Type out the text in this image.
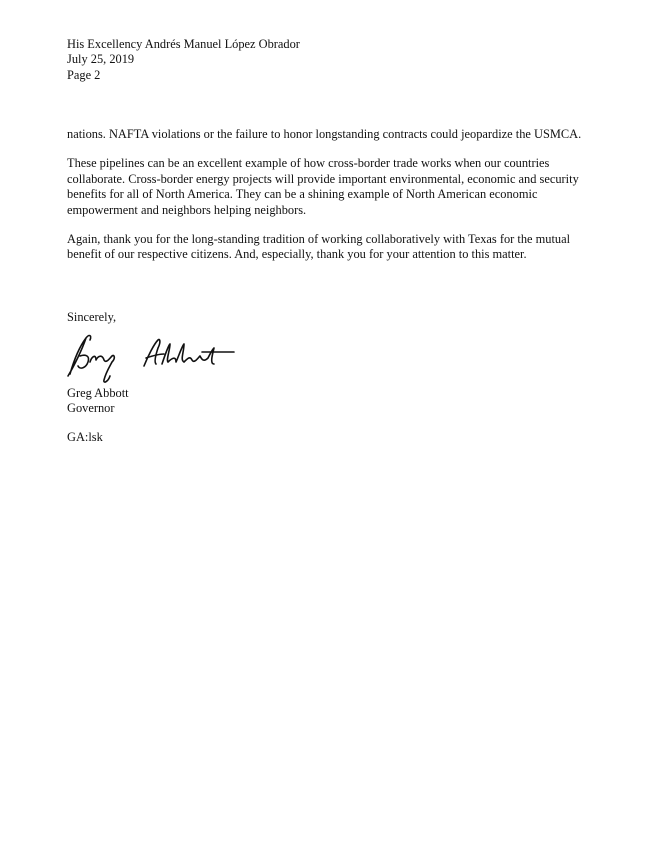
His Excellency Andrés Manuel López Obrador
July 25, 2019
Page 2

nations. NAFTA violations or the failure to honor longstanding contracts could jeopardize the USMCA.

These pipelines can be an excellent example of how cross-border trade works when our countries collaborate. Cross-border energy projects will provide important environmental, economic and security benefits for all of North America. They can be a shining example of North American economic empowerment and neighbors helping neighbors.

Again, thank you for the long-standing tradition of working collaboratively with Texas for the mutual benefit of our respective citizens. And, especially, thank you for your attention to this matter.

Sincerely,
Greg Abbott
Governor
GA:lsk
